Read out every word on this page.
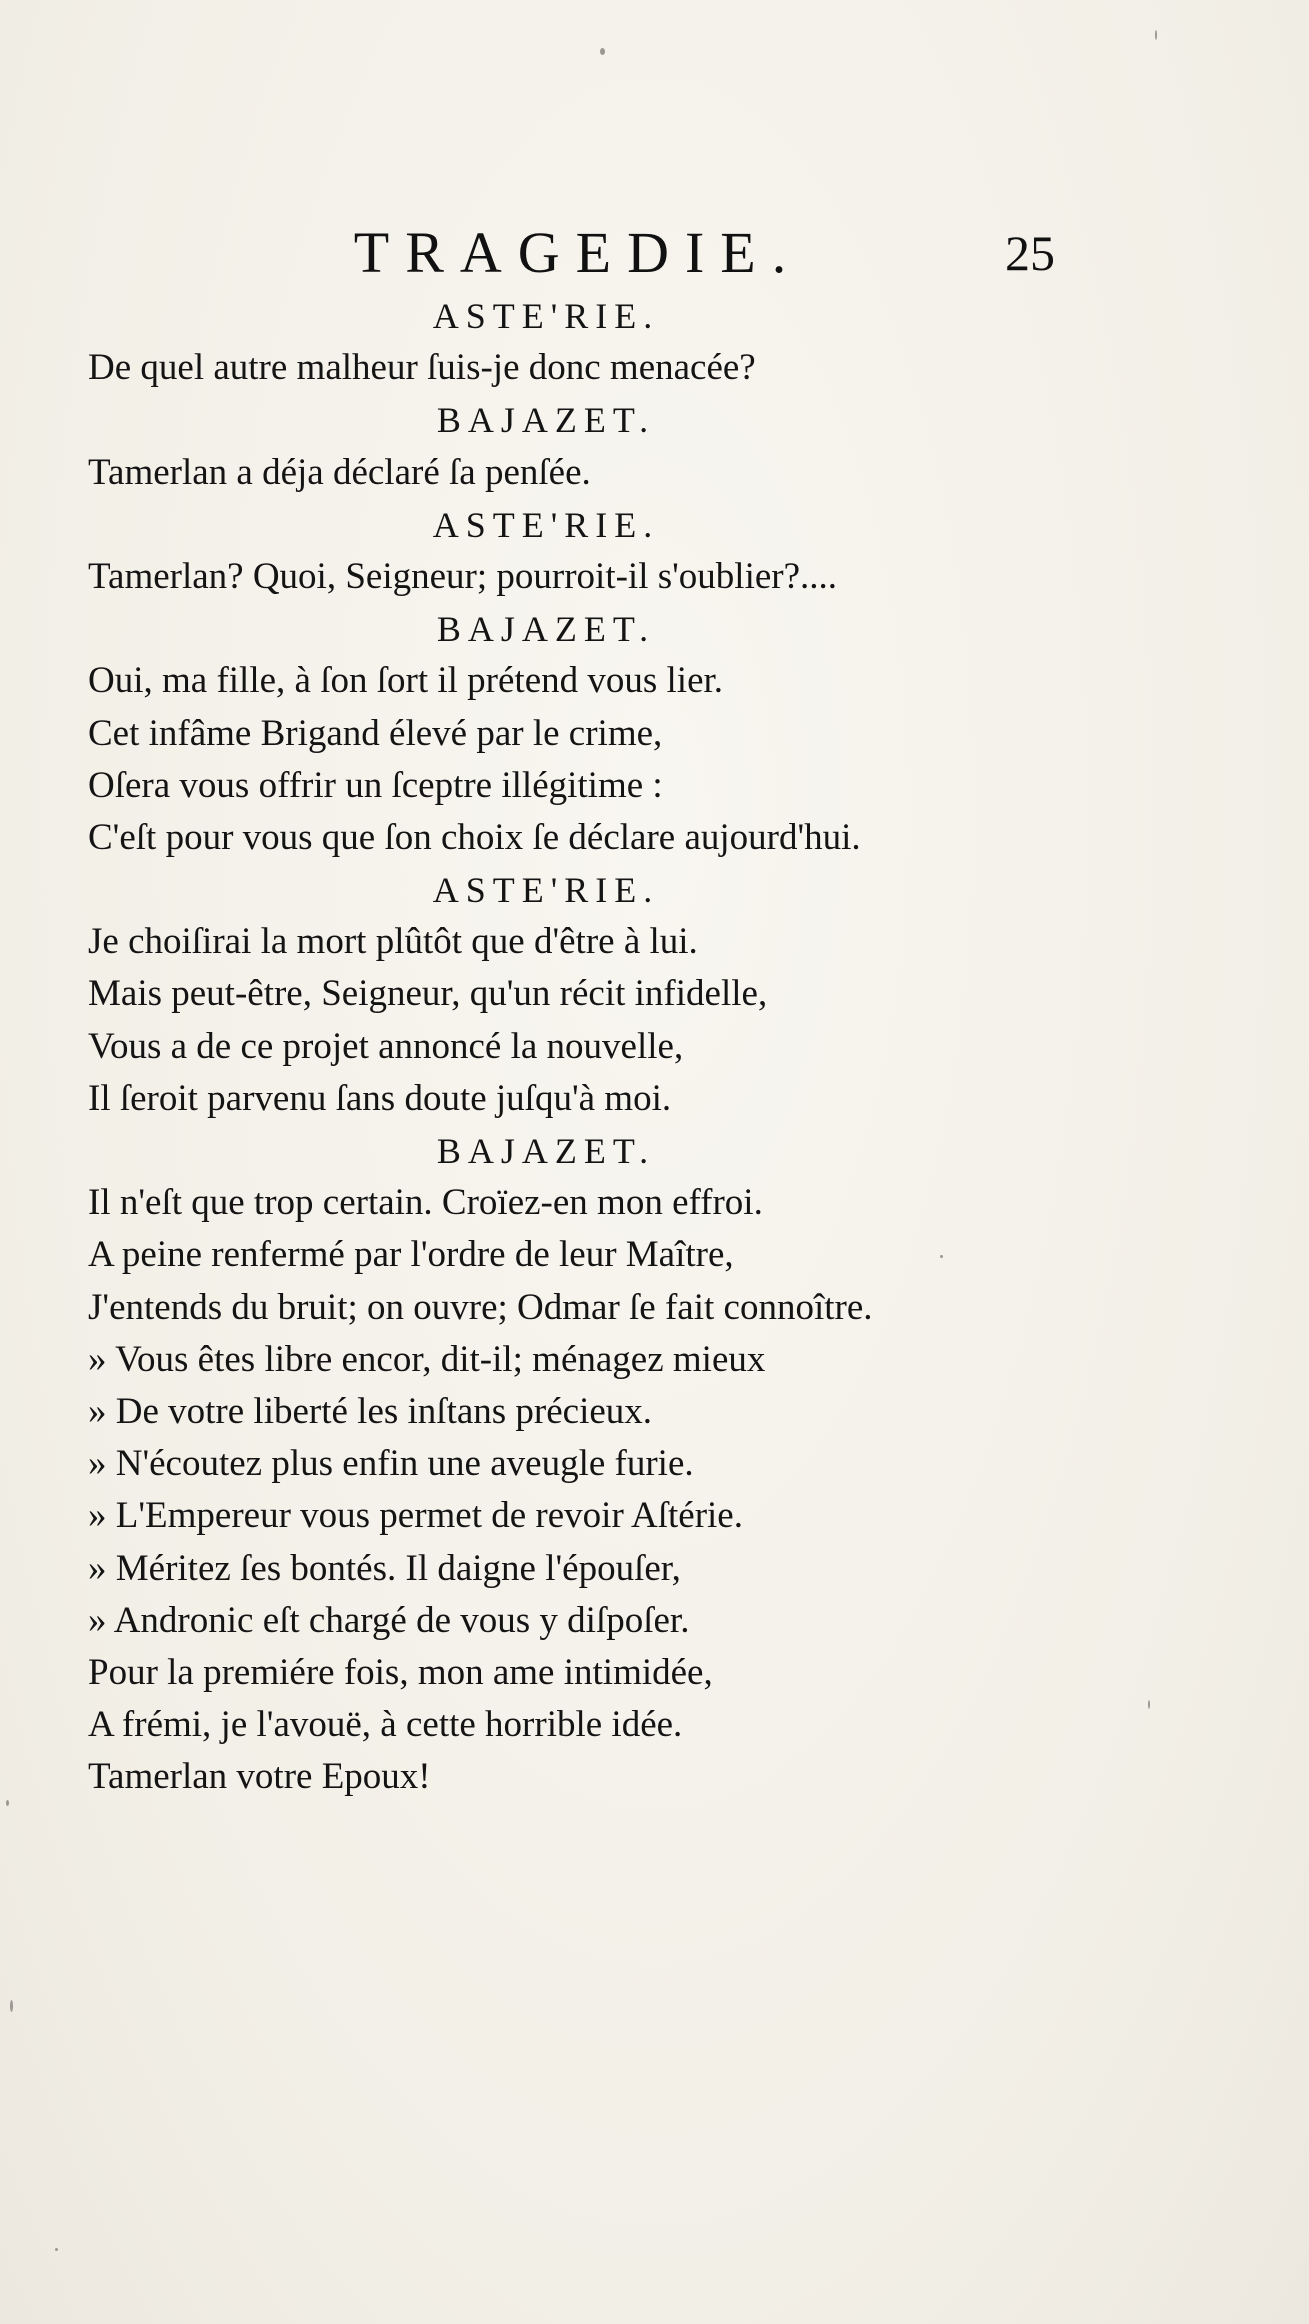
TRAGEDIE.	25
ASTE'RIE.
De quel autre malheur ſuis-je donc menacée?
BAJAZET.
Tamerlan a déja déclaré ſa penſée.
ASTE'RIE.
Tamerlan? Quoi, Seigneur; pourroit-il s'oublier?....
BAJAZET.
Oui, ma fille, à ſon ſort il prétend vous lier.
Cet infâme Brigand élevé par le crime,
Oſera vous offrir un ſceptre illégitime :
C'eſt pour vous que ſon choix ſe déclare aujourd'hui.
ASTE'RIE.
Je choiſirai la mort plûtôt que d'être à lui.
Mais peut-être, Seigneur, qu'un récit infidelle,
Vous a de ce projet annoncé la nouvelle,
Il ſeroit parvenu ſans doute juſqu'à moi.
BAJAZET.
Il n'eſt que trop certain. Croïez-en mon effroi.
A peine renfermé par l'ordre de leur Maître,
J'entends du bruit; on ouvre; Odmar ſe fait connoître.
» Vous êtes libre encor, dit-il; ménagez mieux
» De votre liberté les inſtans précieux.
» N'écoutez plus enfin une aveugle furie.
» L'Empereur vous permet de revoir Aſtérie.
» Méritez ſes bontés. Il daigne l'épouſer,
» Andronic eſt chargé de vous y diſpoſer.
Pour la premiére fois, mon ame intimidée,
A frémi, je l'avouë, à cette horrible idée.
Tamerlan votre Epoux!
